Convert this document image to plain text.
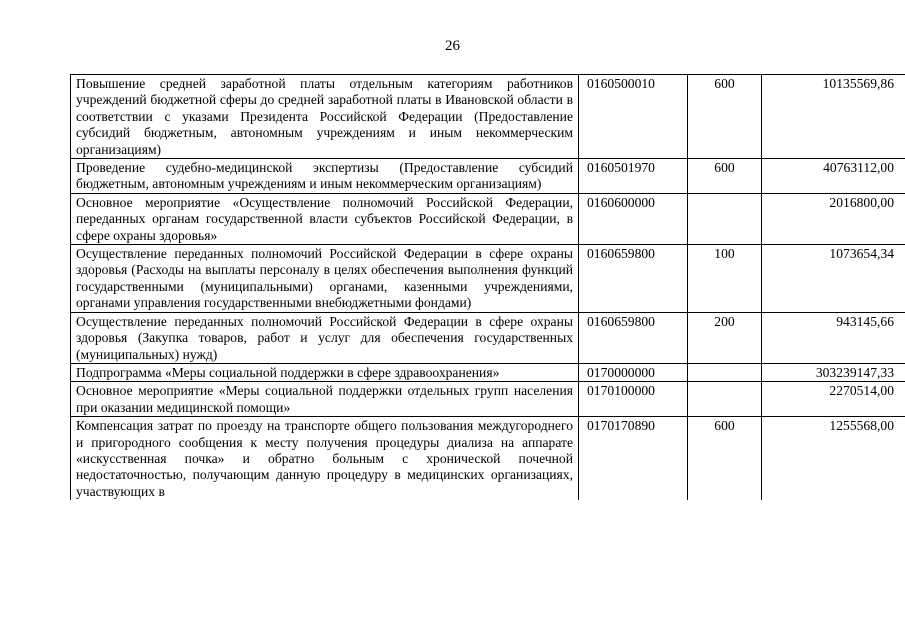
26
Повышение средней заработной платы отдельным категориям работников учреждений бюджетной сферы до средней заработной платы в Ивановской области в соответствии с указами Президента Российской Федерации (Предоставление субсидий бюджетным, автономным учреждениям и иным некоммерческим организациям)	0160500010	600	10135569,86
Проведение судебно-медицинской экспертизы (Предоставление субсидий бюджетным, автономным учреждениям и иным некоммерческим организациям)	0160501970	600	40763112,00
Основное мероприятие «Осуществление полномочий Российской Федерации, переданных органам государственной власти субъектов Российской Федерации, в сфере охраны здоровья»	0160600000		2016800,00
Осуществление переданных полномочий Российской Федерации в сфере охраны здоровья (Расходы на выплаты персоналу в целях обеспечения выполнения функций государственными (муниципальными) органами, казенными учреждениями, органами управления государственными внебюджетными фондами)	0160659800	100	1073654,34
Осуществление переданных полномочий Российской Федерации в сфере охраны здоровья (Закупка товаров, работ и услуг для обеспечения государственных (муниципальных) нужд)	0160659800	200	943145,66
Подпрограмма «Меры социальной поддержки в сфере здравоохранения»	0170000000		303239147,33
Основное мероприятие «Меры социальной поддержки отдельных групп населения при оказании медицинской помощи»	0170100000		2270514,00
Компенсация затрат по проезду на транспорте общего пользования междугороднего и пригородного сообщения к месту получения процедуры диализа на аппарате «искусственная почка» и обратно больным с хронической почечной недостаточностью, получающим данную процедуру в медицинских организациях, участвующих в	0170170890	600	1255568,00
